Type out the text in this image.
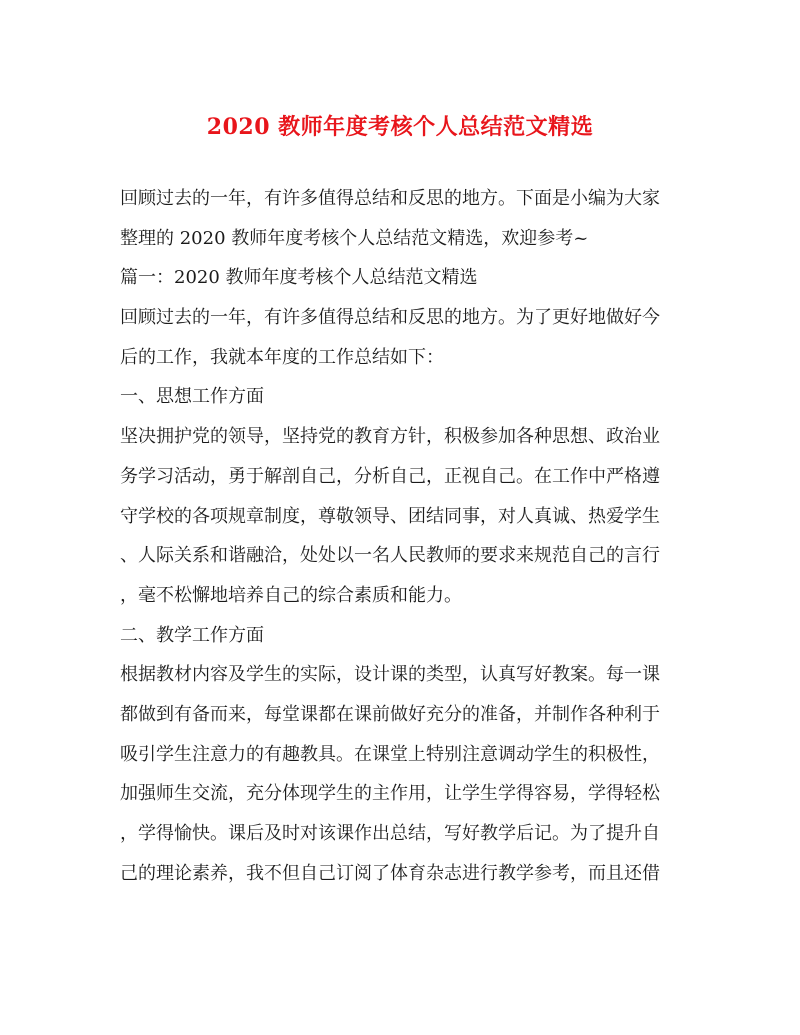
2020 教师年度考核个人总结范文精选
回顾过去的一年，有许多值得总结和反思的地方。下面是小编为大家
整理的 2020 教师年度考核个人总结范文精选，欢迎参考~
篇一：2020 教师年度考核个人总结范文精选
回顾过去的一年，有许多值得总结和反思的地方。为了更好地做好今
后的工作，我就本年度的工作总结如下：
一、思想工作方面
坚决拥护党的领导，坚持党的教育方针，积极参加各种思想、政治业
务学习活动，勇于解剖自己，分析自己，正视自己。在工作中严格遵
守学校的各项规章制度，尊敬领导、团结同事，对人真诚、热爱学生
、人际关系和谐融洽，处处以一名人民教师的要求来规范自己的言行
，毫不松懈地培养自己的综合素质和能力。
二、教学工作方面
根据教材内容及学生的实际，设计课的类型，认真写好教案。每一课
都做到有备而来，每堂课都在课前做好充分的准备，并制作各种利于
吸引学生注意力的有趣教具。在课堂上特别注意调动学生的积极性，
加强师生交流，充分体现学生的主作用，让学生学得容易，学得轻松
，学得愉快。课后及时对该课作出总结，写好教学后记。为了提升自
己的理论素养，我不但自己订阅了体育杂志进行教学参考，而且还借
